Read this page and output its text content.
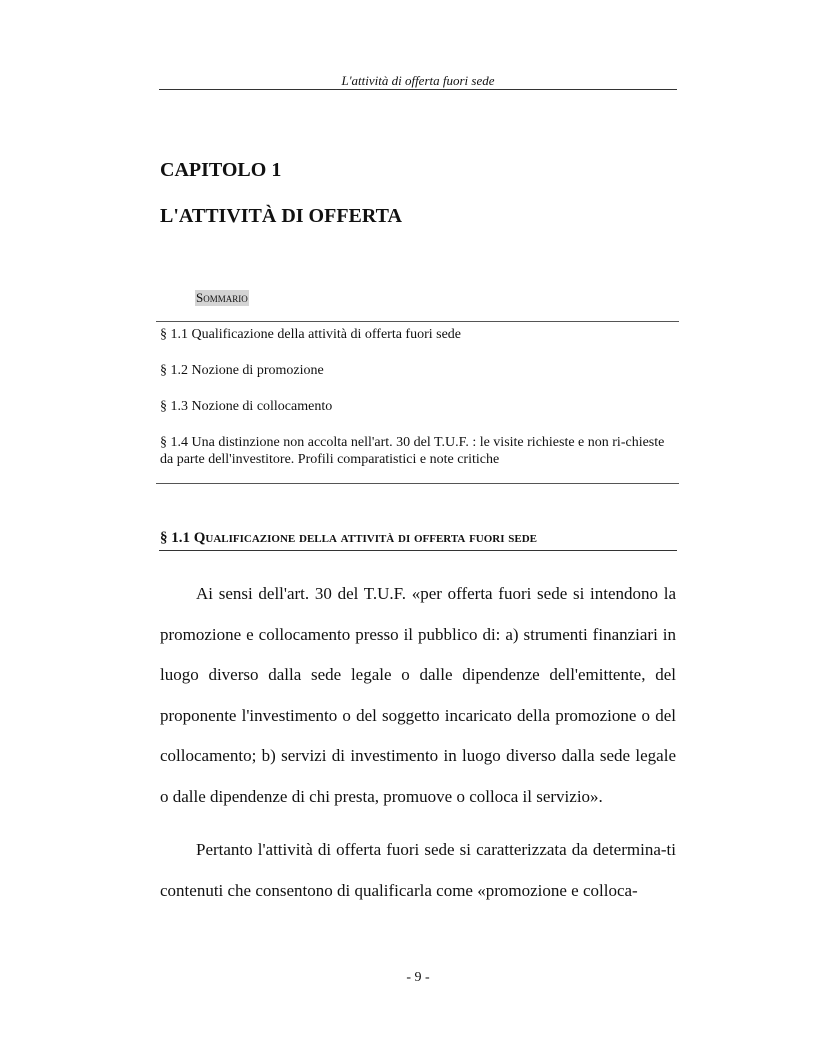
L'attività di offerta fuori sede
CAPITOLO 1
L'ATTIVITÀ DI OFFERTA
Sommario
§ 1.1 Qualificazione della attività di offerta fuori sede
§ 1.2 Nozione di promozione
§ 1.3 Nozione di collocamento
§ 1.4 Una distinzione non accolta nell'art. 30 del T.U.F. : le visite richieste e non ri-chieste da parte dell'investitore. Profili comparatistici e note critiche
§ 1.1 Qualificazione della attività di offerta fuori sede

Ai sensi dell'art. 30 del T.U.F. «per offerta fuori sede si intendono la promozione e collocamento presso il pubblico di: a) strumenti finanziari in luogo diverso dalla sede legale o dalle dipendenze dell'emittente, del proponente l'investimento o del soggetto incaricato della promozione o del collocamento; b) servizi di investimento in luogo diverso dalla sede legale o dalle dipendenze di chi presta, promuove o colloca il servizio».

Pertanto l'attività di offerta fuori sede si caratterizzata da determina-ti contenuti che consentono di qualificarla come «promozione e colloca-

- 9 -
